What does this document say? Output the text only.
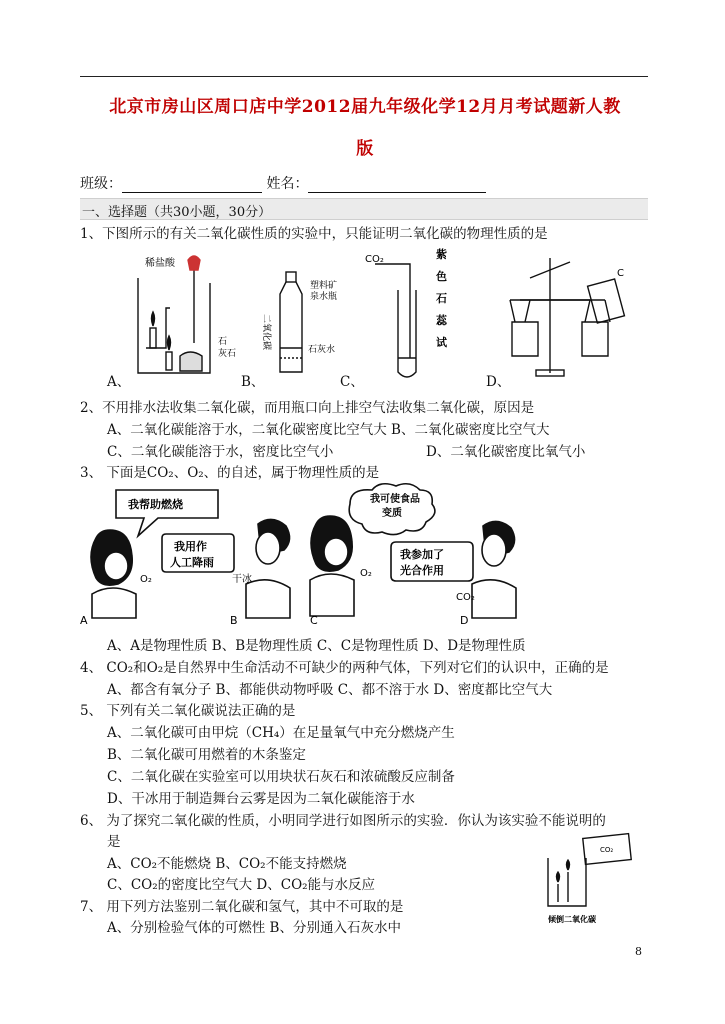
北京市房山区周口店中学2012届九年级化学12月月考试题新人教
版
班级：	姓名：
一、选择题（共30小题，30分）
1、下图所示的有关二氧化碳性质的实验中，只能证明二氧化碳的物理性质的是
稀盐酸
石
灰石
塑料矿
泉水瓶
二氧化碳	石灰水
CO₂	紫
色
石
蕊
试
C
A、	B、	C、	D、
2、不用排水法收集二氧化碳，而用瓶口向上排空气法收集二氧化碳，原因是
A、二氧化碳能溶于水，二氧化碳密度比空气大 B、二氧化碳密度比空气大
C、二氧化碳能溶于水，密度比空气小	D、二氧化碳密度比氧气小
3、 下面是CO₂、O₂、的自述，属于物理性质的是
我帮助燃烧
我用作
人工降雨
我可使食品
变质
我参加了
光合作用
O₂	干冰
O₂
CO₂
A	B	C	D
A、A是物理性质 B、B是物理性质 C、C是物理性质 D、D是物理性质
4、 CO₂和O₂是自然界中生命活动不可缺少的两种气体，下列对它们的认识中，正确的是
A、都含有氧分子 B、都能供动物呼吸 C、都不溶于水 D、密度都比空气大
5、 下列有关二氧化碳说法正确的是
A、二氧化碳可由甲烷（CH₄）在足量氧气中充分燃烧产生
B、二氧化碳可用燃着的木条鉴定
C、二氧化碳在实验室可以用块状石灰石和浓硫酸反应制备
D、干冰用于制造舞台云雾是因为二氧化碳能溶于水
6、 为了探究二氧化碳的性质，小明同学进行如图所示的实验．你认为该实验不能说明的
是
A、CO₂不能燃烧 B、CO₂不能支持燃烧
C、CO₂的密度比空气大 D、CO₂能与水反应
CO₂
倾倒二氧化碳
7、 用下列方法鉴别二氧化碳和氢气，其中不可取的是
A、分别检验气体的可燃性 B、分别通入石灰水中
8
